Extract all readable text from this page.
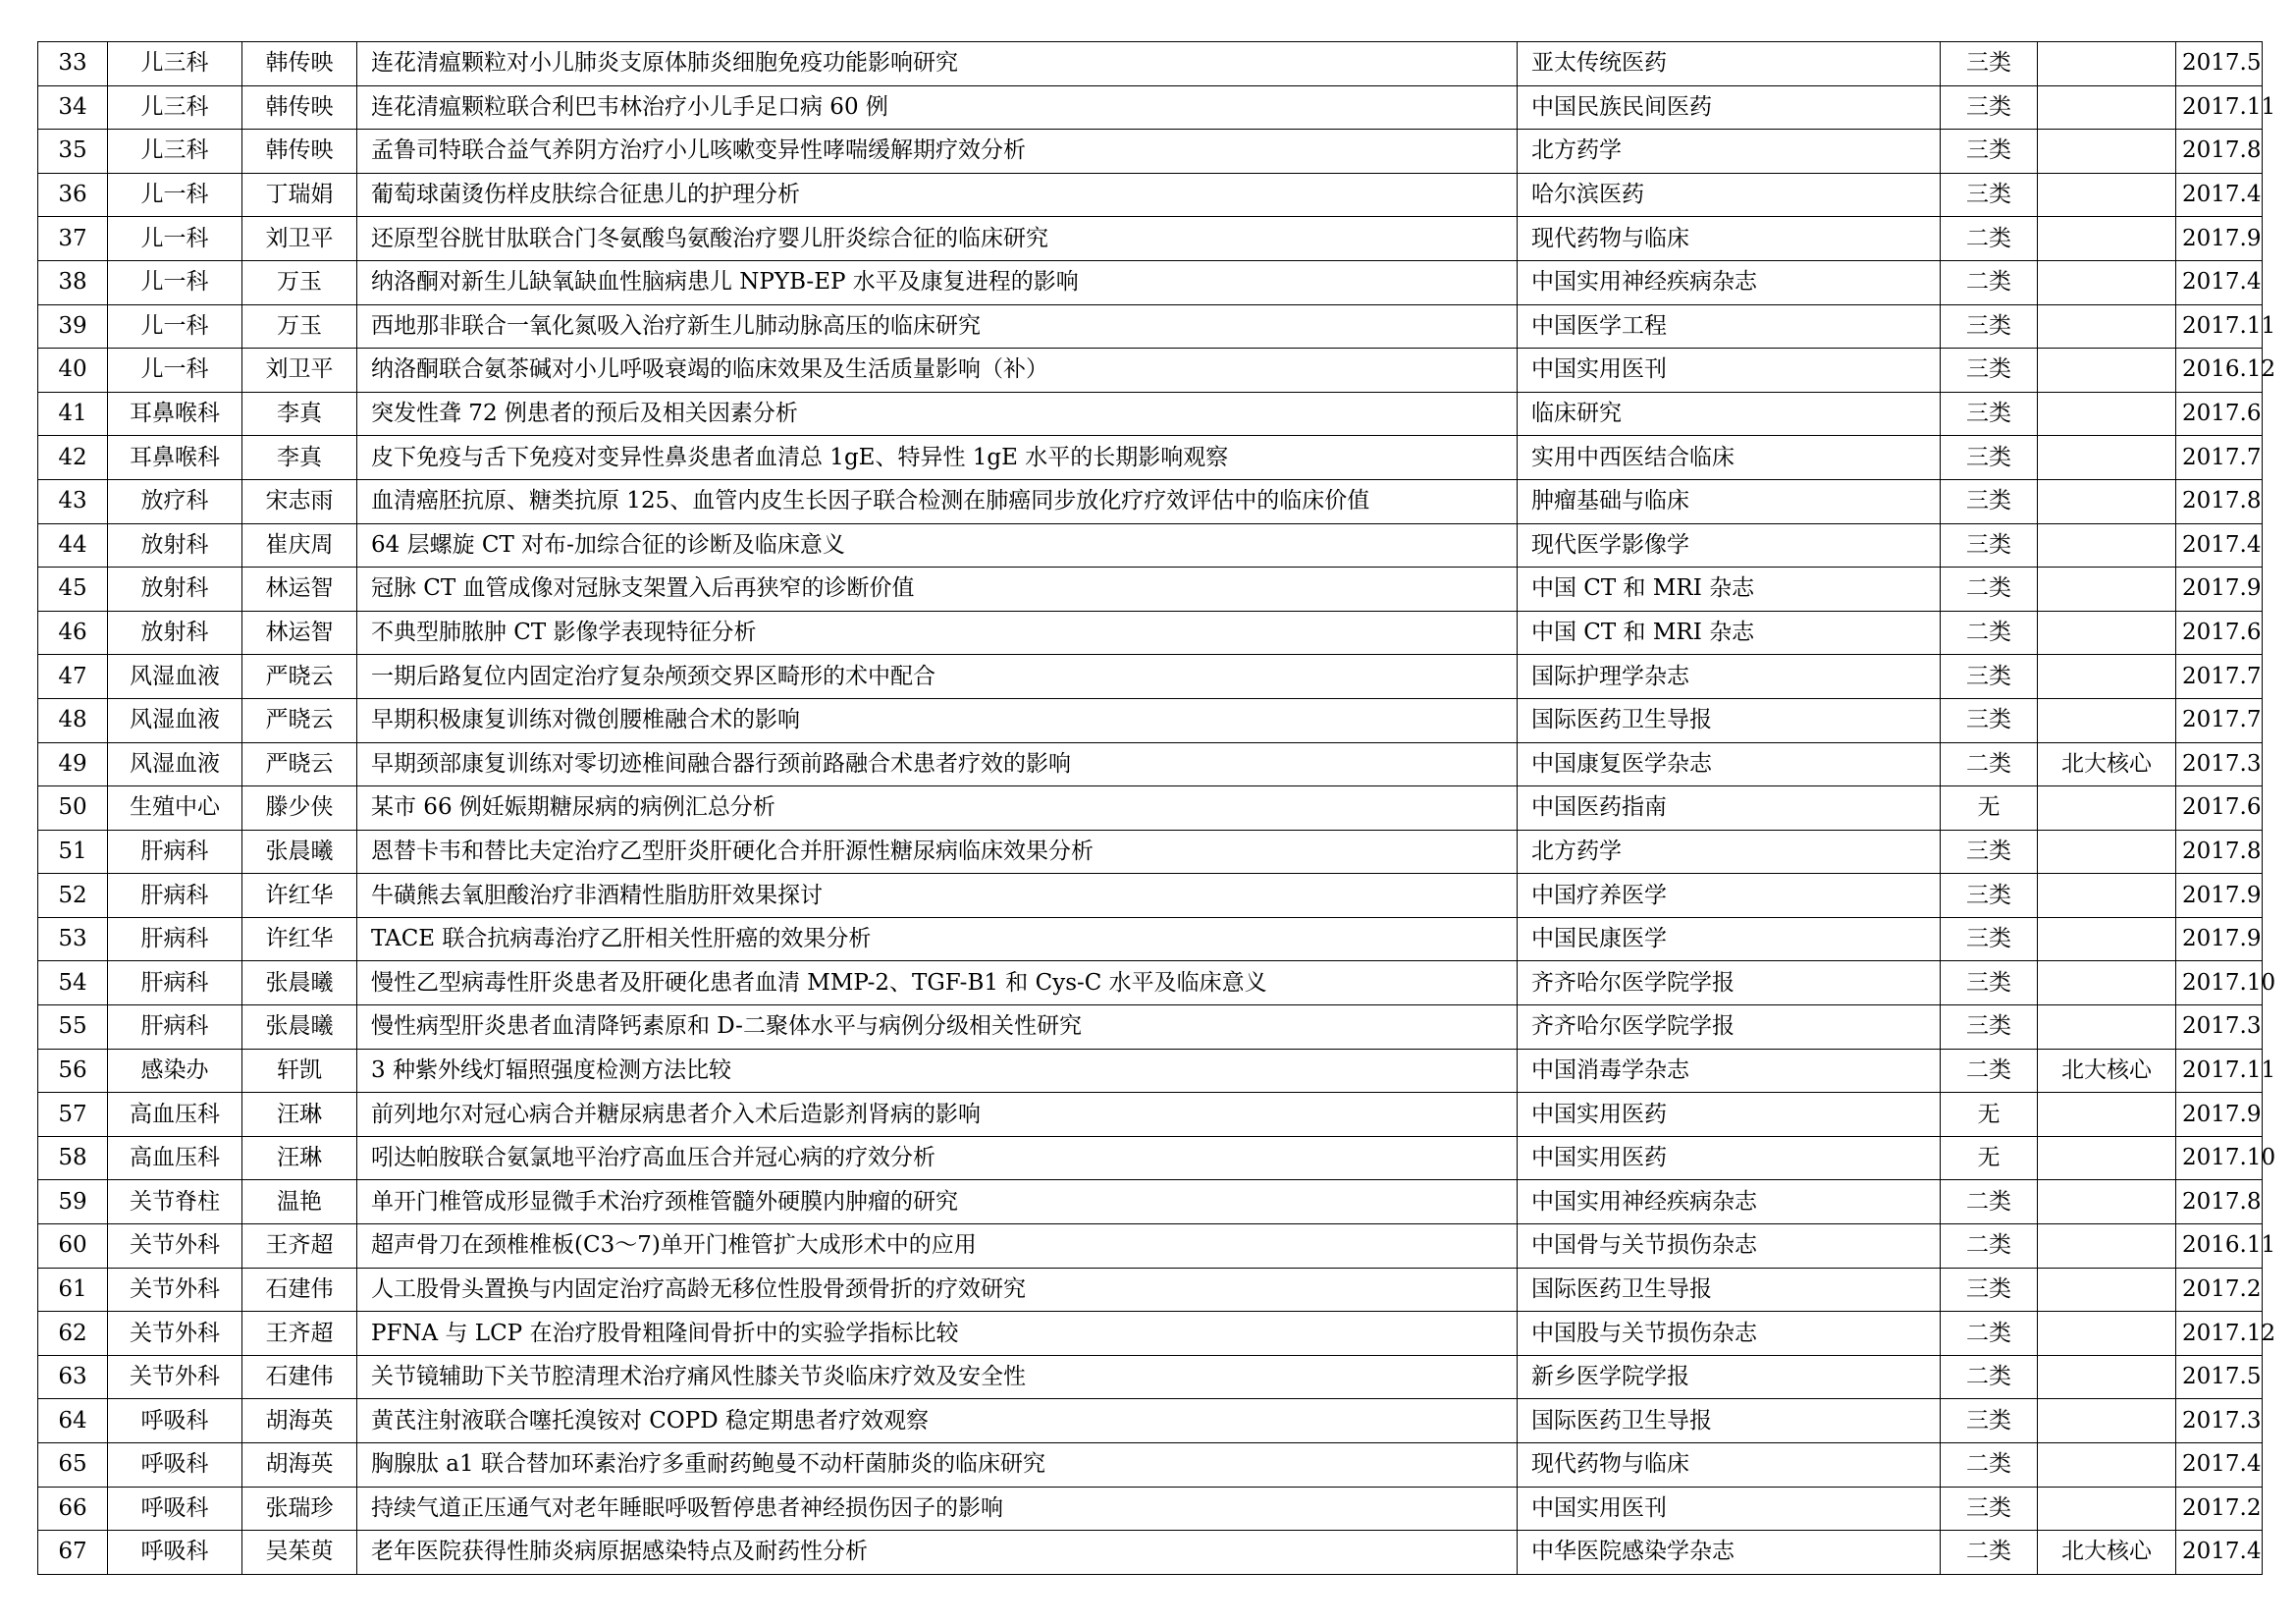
33	儿三科	韩传映	连花清瘟颗粒对小儿肺炎支原体肺炎细胞免疫功能影响研究	亚太传统医药	三类		2017.5
34	儿三科	韩传映	连花清瘟颗粒联合利巴韦林治疗小儿手足口病 60 例	中国民族民间医药	三类		2017.11
35	儿三科	韩传映	孟鲁司特联合益气养阴方治疗小儿咳嗽变异性哮喘缓解期疗效分析	北方药学	三类		2017.8
36	儿一科	丁瑞娟	葡萄球菌烫伤样皮肤综合征患儿的护理分析	哈尔滨医药	三类		2017.4
37	儿一科	刘卫平	还原型谷胱甘肽联合门冬氨酸鸟氨酸治疗婴儿肝炎综合征的临床研究	现代药物与临床	二类		2017.9
38	儿一科	万玉	纳洛酮对新生儿缺氧缺血性脑病患儿 NPYB-EP 水平及康复进程的影响	中国实用神经疾病杂志	二类		2017.4
39	儿一科	万玉	西地那非联合一氧化氮吸入治疗新生儿肺动脉高压的临床研究	中国医学工程	三类		2017.11
40	儿一科	刘卫平	纳洛酮联合氨茶碱对小儿呼吸衰竭的临床效果及生活质量影响（补）	中国实用医刊	三类		2016.12
41	耳鼻喉科	李真	突发性聋 72 例患者的预后及相关因素分析	临床研究	三类		2017.6
42	耳鼻喉科	李真	皮下免疫与舌下免疫对变异性鼻炎患者血清总 1gE、特异性 1gE 水平的长期影响观察	实用中西医结合临床	三类		2017.7
43	放疗科	宋志雨	血清癌胚抗原、糖类抗原 125、血管内皮生长因子联合检测在肺癌同步放化疗疗效评估中的临床价值	肿瘤基础与临床	三类		2017.8
44	放射科	崔庆周	64 层螺旋 CT 对布-加综合征的诊断及临床意义	现代医学影像学	三类		2017.4
45	放射科	林运智	冠脉 CT 血管成像对冠脉支架置入后再狭窄的诊断价值	中国 CT 和 MRI 杂志	二类		2017.9
46	放射科	林运智	不典型肺脓肿 CT 影像学表现特征分析	中国 CT 和 MRI 杂志	二类		2017.6
47	风湿血液	严晓云	一期后路复位内固定治疗复杂颅颈交界区畸形的术中配合	国际护理学杂志	三类		2017.7
48	风湿血液	严晓云	早期积极康复训练对微创腰椎融合术的影响	国际医药卫生导报	三类		2017.7
49	风湿血液	严晓云	早期颈部康复训练对零切迹椎间融合器行颈前路融合术患者疗效的影响	中国康复医学杂志	二类	北大核心	2017.3
50	生殖中心	滕少侠	某市 66 例妊娠期糖尿病的病例汇总分析	中国医药指南	无		2017.6
51	肝病科	张晨曦	恩替卡韦和替比夫定治疗乙型肝炎肝硬化合并肝源性糖尿病临床效果分析	北方药学	三类		2017.8
52	肝病科	许红华	牛磺熊去氧胆酸治疗非酒精性脂肪肝效果探讨	中国疗养医学	三类		2017.9
53	肝病科	许红华	TACE 联合抗病毒治疗乙肝相关性肝癌的效果分析	中国民康医学	三类		2017.9
54	肝病科	张晨曦	慢性乙型病毒性肝炎患者及肝硬化患者血清 MMP-2、TGF-B1 和 Cys-C 水平及临床意义	齐齐哈尔医学院学报	三类		2017.10
55	肝病科	张晨曦	慢性病型肝炎患者血清降钙素原和 D-二聚体水平与病例分级相关性研究	齐齐哈尔医学院学报	三类		2017.3
56	感染办	轩凯	3 种紫外线灯辐照强度检测方法比较	中国消毒学杂志	二类	北大核心	2017.11
57	高血压科	汪琳	前列地尔对冠心病合并糖尿病患者介入术后造影剂肾病的影响	中国实用医药	无		2017.9
58	高血压科	汪琳	吲达帕胺联合氨氯地平治疗高血压合并冠心病的疗效分析	中国实用医药	无		2017.10
59	关节脊柱	温艳	单开门椎管成形显微手术治疗颈椎管髓外硬膜内肿瘤的研究	中国实用神经疾病杂志	二类		2017.8
60	关节外科	王齐超	超声骨刀在颈椎椎板(C3～7)单开门椎管扩大成形术中的应用	中国骨与关节损伤杂志	二类		2016.11
61	关节外科	石建伟	人工股骨头置换与内固定治疗高龄无移位性股骨颈骨折的疗效研究	国际医药卫生导报	三类		2017.2
62	关节外科	王齐超	PFNA 与 LCP 在治疗股骨粗隆间骨折中的实验学指标比较	中国股与关节损伤杂志	二类		2017.12
63	关节外科	石建伟	关节镜辅助下关节腔清理术治疗痛风性膝关节炎临床疗效及安全性	新乡医学院学报	二类		2017.5
64	呼吸科	胡海英	黄芪注射液联合噻托溴铵对 COPD 稳定期患者疗效观察	国际医药卫生导报	三类		2017.3
65	呼吸科	胡海英	胸腺肽 a1 联合替加环素治疗多重耐药鲍曼不动杆菌肺炎的临床研究	现代药物与临床	二类		2017.4
66	呼吸科	张瑞珍	持续气道正压通气对老年睡眠呼吸暂停患者神经损伤因子的影响	中国实用医刊	三类		2017.2
67	呼吸科	吴茱萸	老年医院获得性肺炎病原据感染特点及耐药性分析	中华医院感染学杂志	二类	北大核心	2017.4
